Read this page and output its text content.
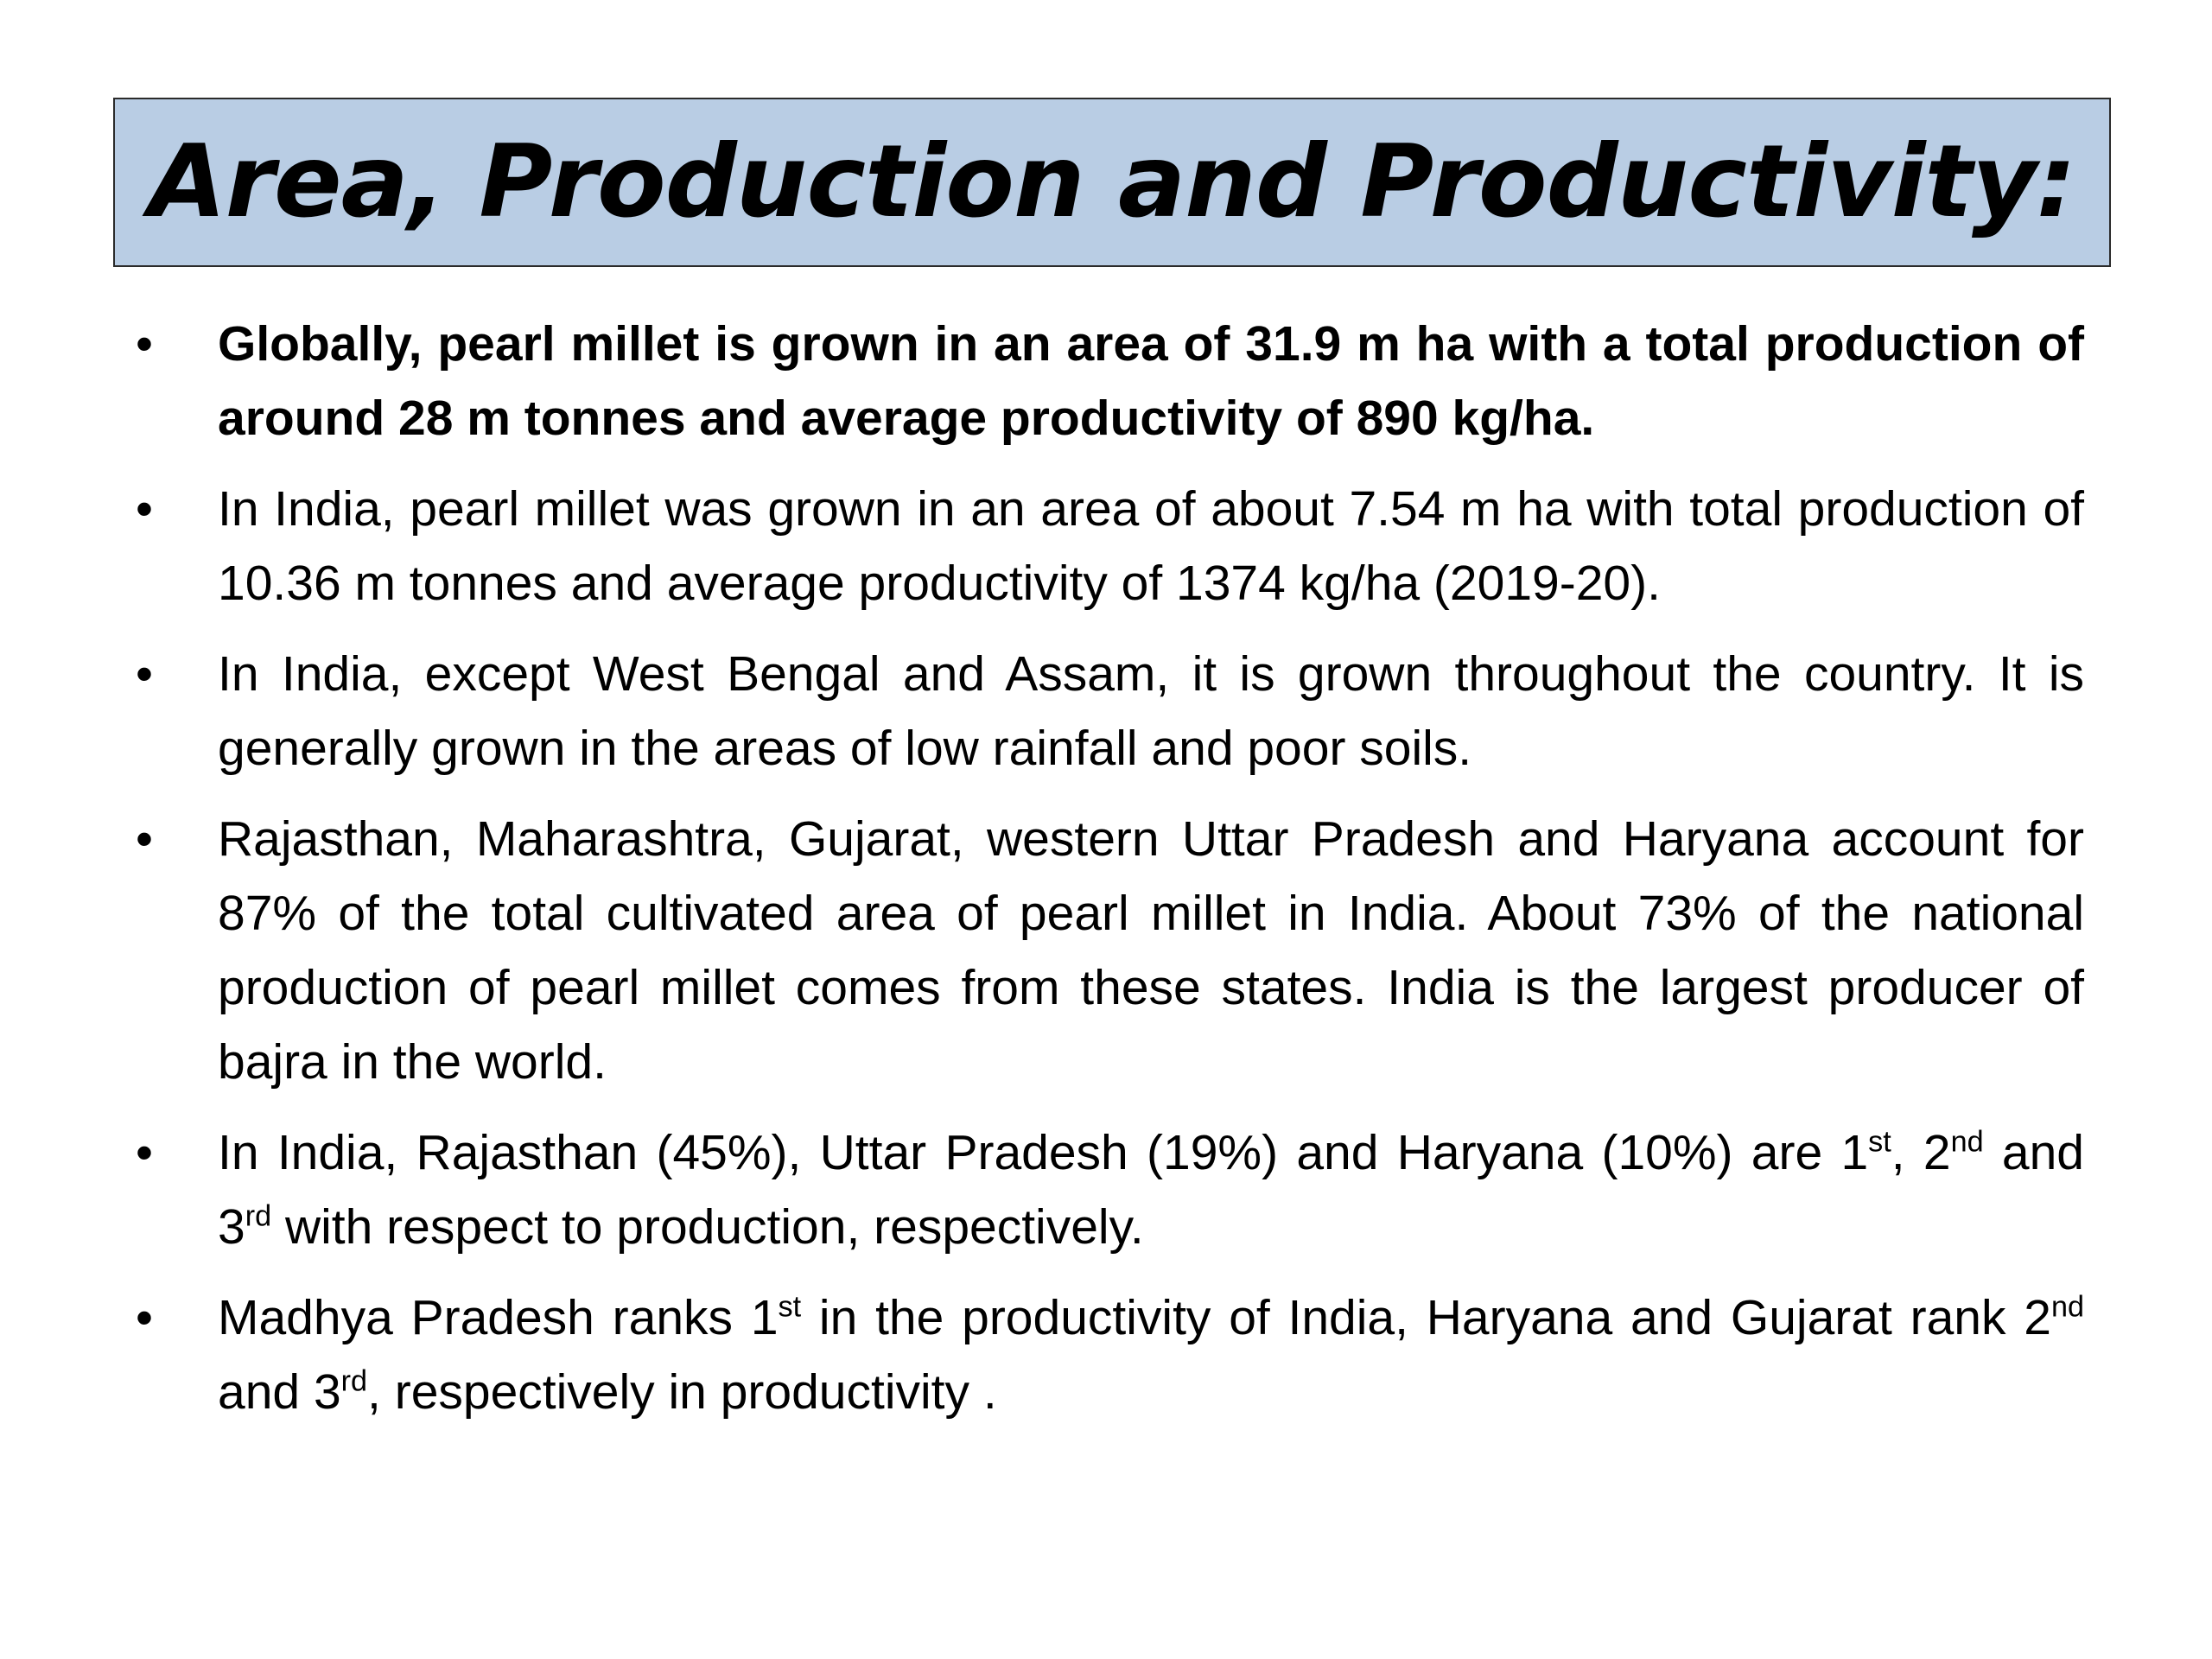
Area, Production and Productivity:
• Globally, pearl millet is grown in an area of 31.9 m ha with a total production of around 28 m tonnes and average productivity of 890 kg/ha.
• In India, pearl millet was grown in an area of about 7.54 m ha with total production of 10.36 m tonnes and average productivity of 1374 kg/ha (2019-20).
• In India, except West Bengal and Assam, it is grown throughout the country. It is generally grown in the areas of low rainfall and poor soils.
• Rajasthan, Maharashtra, Gujarat, western Uttar Pradesh and Haryana account for 87% of the total cultivated area of pearl millet in India. About 73% of the national production of pearl millet comes from these states. India is the largest producer of bajra in the world.
• In India, Rajasthan (45%), Uttar Pradesh (19%) and Haryana (10%) are 1st, 2nd and 3rd with respect to production, respectively.
• Madhya Pradesh ranks 1st in the productivity of India, Haryana and Gujarat rank 2nd and 3rd, respectively in productivity .
